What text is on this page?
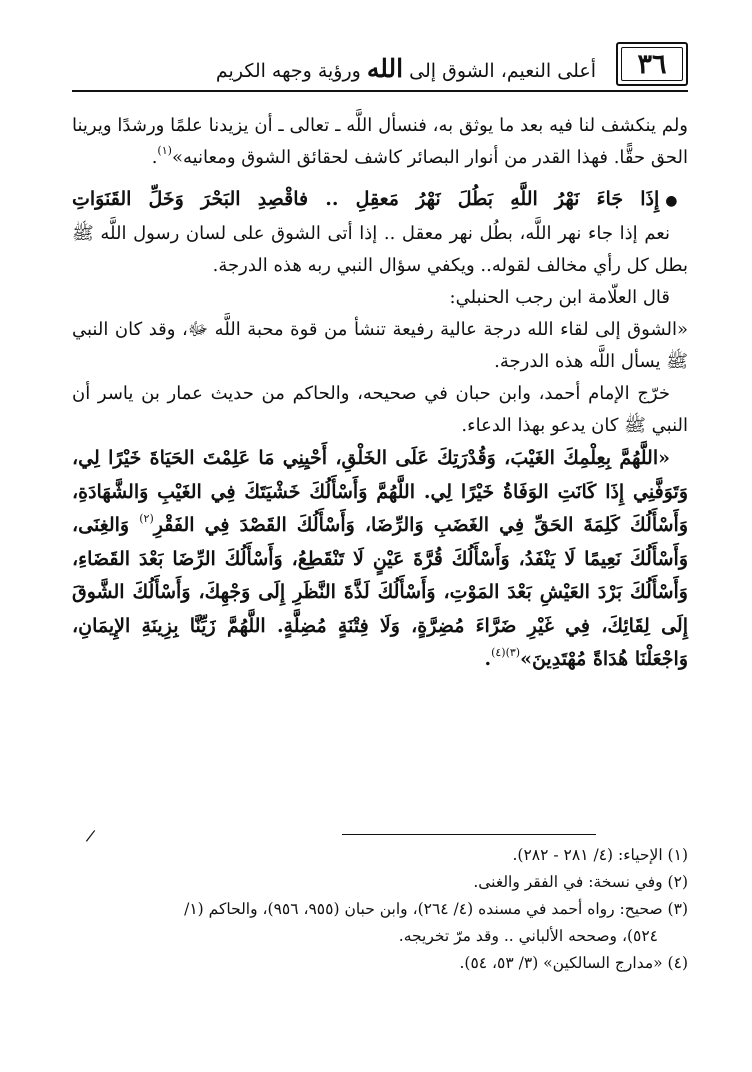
٣٦
أعلى النعيم، الشوق إلى الله ورؤية وجهه الكريم

ولم ينكشف لنا فيه بعد ما يوثق به، فنسأل اللَّه ـ تعالى ـ أن يزيدنا علمًا ورشدًا ويرينا الحق حقًّا. فهذا القدر من أنوار البصائر كاشف لحقائق الشوق ومعانيه»$^{(١)}$.

●إِذَا جَاءَ نَهْرُ اللَّهِ بَطُلَ نَهْرُ مَعقِلِ .. فاقْصِدِ البَحْرَ وَخَلِّ القَنَوَاتِ

نعم إذا جاء نهر اللَّه، بطُل نهر معقل .. إذا أتى الشوق على لسان رسول اللَّه ﷺ بطل كل رأي مخالف لقوله.. ويكفي سؤال النبي ربه هذه الدرجة.

قال العلّامة ابن رجب الحنبلي:

«الشوق إلى لقاء الله درجة عالية رفيعة تنشأ من قوة محبة اللَّه ﷻ، وقد كان النبي ﷺ يسأل اللَّه هذه الدرجة.

خرّج الإمام أحمد، وابن حبان في صحيحه، والحاكم من حديث عمار بن ياسر أن النبي ﷺ كان يدعو بهذا الدعاء.

«اللَّهُمَّ بِعِلْمِكَ الغَيْبَ، وَقُدْرَتِكَ عَلَى الخَلْقِ، أَحْيِنِي مَا عَلِمْتَ الحَيَاةَ خَيْرًا لِي، وَتَوَفَّنِي إِذَا كَانَتِ الوَفَاةُ خَيْرًا لِي. اللَّهُمَّ وَأَسْأَلُكَ خَشْيَتَكَ فِي الغَيْبِ وَالشَّهَادَةِ، وَأَسْأَلُكَ كَلِمَةَ الحَقِّ فِي الغَضَبِ وَالرِّضَا، وَأَسْأَلُكَ القَصْدَ فِي الفَقْرِ$^{(٢)}$ وَالغِنَى، وَأَسْأَلُكَ نَعِيمًا لَا يَنْفَدُ، وَأَسْأَلُكَ قُرَّةَ عَيْنٍ لَا تَنْقَطِعُ، وَأَسْأَلُكَ الرِّضَا بَعْدَ القَضَاءِ، وَأَسْأَلُكَ بَرْدَ العَيْشِ بَعْدَ المَوْتِ، وَأَسْأَلُكَ لَذَّةَ النَّظَرِ إِلَى وَجْهِكَ، وَأَسْأَلُكَ الشَّوقَ إِلَى لِقَائِكَ، فِي غَيْرِ ضَرَّاءَ مُضِرَّةٍ، وَلَا فِتْنَةٍ مُضِلَّةٍ. اللَّهُمَّ زَيِّنَّا بِزِينَةِ الإِيمَانِ، وَاجْعَلْنَا هُدَاةً مُهْتَدِينَ»$^{(٣)(٤)}$.

/

(١) الإحياء: (٤/ ٢٨١ - ٢٨٢).

(٢) وفي نسخة: في الفقر والغنى.

(٣) صحيح: رواه أحمد في مسنده (٤/ ٢٦٤)، وابن حبان (٩٥٥، ٩٥٦)، والحاكم (١/

٥٢٤)، وصححه الألباني .. وقد مرّ تخريجه.

(٤) «مدارج السالكين» (٣/ ٥٣، ٥٤).
